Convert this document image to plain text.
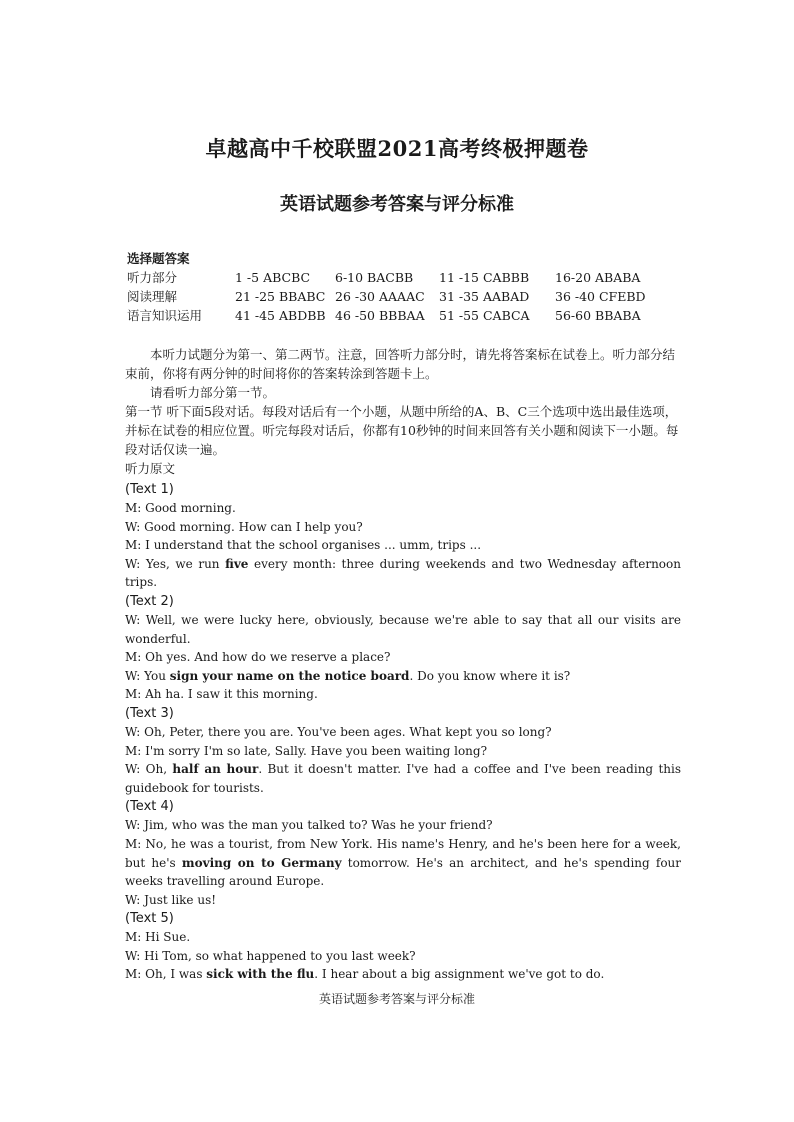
卓越高中千校联盟2021高考终极押题卷
英语试题参考答案与评分标准
选择题答案
听力部分	1 -5 ABCBC 6-10 BACBB 11 -15 CABBB 16-20 ABABA
阅读理解	21 -25 BBABC 26 -30 AAAAC 31 -35 AABAD 36 -40 CFEBD
语言知识运用	41 -45 ABDBB 46 -50 BBBAA 51 -55 CABCA 56-60 BBABA

本听力试题分为第一、第二两节。注意，回答听力部分时，请先将答案标在试卷上。听力部分结束前，你将有两分钟的时间将你的答案转涂到答题卡上。

请看听力部分第一节。

第一节 听下面5段对话。每段对话后有一个小题，从题中所给的A、B、C三个选项中选出最佳选项，并标在试卷的相应位置。听完每段对话后，你都有10秒钟的时间来回答有关小题和阅读下一小题。每段对话仅读一遍。

听力原文

(Text 1)

M: Good morning.

W: Good morning. How can I help you?

M: I understand that the school organises ... umm, trips ...

W: Yes, we run five every month: three during weekends and two Wednesday afternoon trips.

(Text 2)

W: Well, we were lucky here, obviously, because we're able to say that all our visits are wonderful.

M: Oh yes. And how do we reserve a place?

W: You sign your name on the notice board. Do you know where it is?

M: Ah ha. I saw it this morning.

(Text 3)

W: Oh, Peter, there you are. You've been ages. What kept you so long?

M: I'm sorry I'm so late, Sally. Have you been waiting long?

W: Oh, half an hour. But it doesn't matter. I've had a coffee and I've been reading this guidebook for tourists.

(Text 4)

W: Jim, who was the man you talked to? Was he your friend?

M: No, he was a tourist, from New York. His name's Henry, and he's been here for a week, but he's moving on to Germany tomorrow. He's an architect, and he's spending four weeks travelling around Europe.

W: Just like us!

(Text 5)

M: Hi Sue.

W: Hi Tom, so what happened to you last week?

M: Oh, I was sick with the flu. I hear about a big assignment we've got to do.

英语试题参考答案与评分标准
